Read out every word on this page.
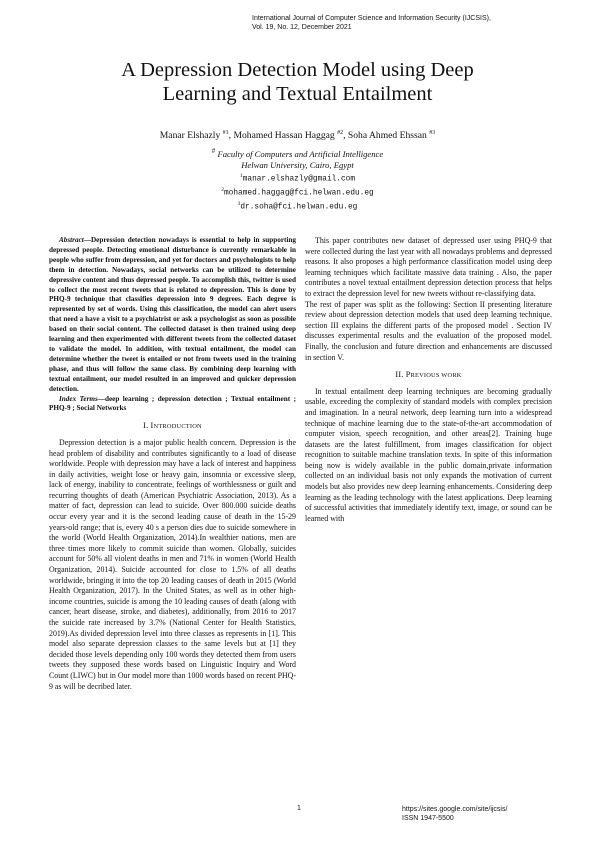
International Journal of Computer Science and Information Security (IJCSIS),
Vol. 19, No. 12, December 2021
A Depression Detection Model using Deep
Learning and Textual Entailment
Manar Elshazly $^{\#1}$, Mohamed Hassan Haggag $^{\#2}$, Soha Ahmed Ehssan $^{\#3}$
# Faculty of Computers and Artificial Intelligence
Helwan University, Cairo, Egypt
$^1$manar.elshazly@gmail.com
$^2$mohamed.haggag@fci.helwan.edu.eg
$^3$dr.soha@fci.helwan.edu.eg

Abstract—Depression detection nowadays is essential to help in supporting depressed people. Detecting emotional disturbance is currently remarkable in people who suffer from depression, and yet for doctors and psychologists to help them in detection. Nowadays, social networks can be utilized to determine depressive content and thus depressed people. To accomplish this, twitter is used to collect the most recent tweets that is related to depression. This is done by PHQ-9 technique that classifies depression into 9 degrees. Each degree is represented by set of words. Using this classification, the model can alert users that need a have a visit to a psychiatrist or ask a psychologist as soon as possible based on their social content. The collected dataset is then trained using deep learning and then experimented with different tweets from the collected dataset to validate the model. In addition, with textual entailment, the model can determine whether the tweet is entailed or not from tweets used in the training phase, and thus will follow the same class. By combining deep learning with textual entailment, our model resulted in an improved and quicker depression detection.

Index Terms—deep learning ; depression detection ; Textual entailment ; PHQ-9 ; Social Networks

I. INTRODUCTION

Depression detection is a major public health concern. Depression is the head problem of disability and contributes significantly to a load of disease worldwide. People with depression may have a lack of interest and happiness in daily activities, weight lose or heavy gain, insomnia or excessive sleep, lack of energy, inability to concentrate, feelings of worthlessness or guilt and recurring thoughts of death (American Psychiatric Association, 2013). As a matter of fact, depression can lead to suicide. Over 800.000 suicide deaths occur every year and it is the second leading cause of death in the 15-29 years-old range; that is, every 40 s a person dies due to suicide somewhere in the world (World Health Organization, 2014).In wealthier nations, men are three times more likely to commit suicide than women. Globally, suicides account for 50% all violent deaths in men and 71% in women (World Health Organization, 2014). Suicide accounted for close to 1.5% of all deaths worldwide, bringing it into the top 20 leading causes of death in 2015 (World Health Organization, 2017). In the United States, as well as in other high-income countries, suicide is among the 10 leading causes of death (along with cancer, heart disease, stroke, and diabetes), additionally, from 2016 to 2017 the suicide rate increased by 3.7% (National Center for Health Statistics, 2019).As divided depression level into three classes as represents in [1]. This model also separate depression classes to the same levels but at [1] they decided those levels depending only 100 words they detected them from users tweets they supposed these words based on Linguistic Inquiry and Word Count (LIWC) but in Our model more than 1000 words based on recent PHQ-9 as will be decribed later.

This paper contributes new dataset of depressed user using PHQ-9 that were collected during the last year with all nowadays problems and depressed reasons. It also proposes a high performance classification model using deep learning techniques which facilitate massive data training . Also, the paper contributes a novel textual entailment depression detection process that helps to extract the depression level for new tweets without re-classifying data.

The rest of paper was split as the following: Section II presenting literature review about depression detection models that used deep learning technique. section III explains the different parts of the proposed model . Section IV discusses experimental results and the evaluation of the proposed model. Finally, the conclusion and future direction and enhancements are discussed in section V.

II. PREVIOUS WORK

In textual entailment deep learning techniques are becoming gradually usable, exceeding the complexity of standard models with complex precision and imagination. In a neural network, deep learning turn into a widespread technique of machine learning due to the state-of-the-art accommodation of computer vision, speech recognition, and other areas[2]. Training huge datasets are the latest fulfillment, from images classification for object recognition to suitable machine translation texts. In spite of this information being now is widely available in the public domain,private information collected on an individual basis not only expands the motivation of current models but also provides new deep learning enhancements. Considering deep learning as the leading technology with the latest applications. Deep learning of successful activities that immediately identify text, image, or sound can be learned with

1	https://sites.google.com/site/ijcsis/
ISSN 1947-5500
